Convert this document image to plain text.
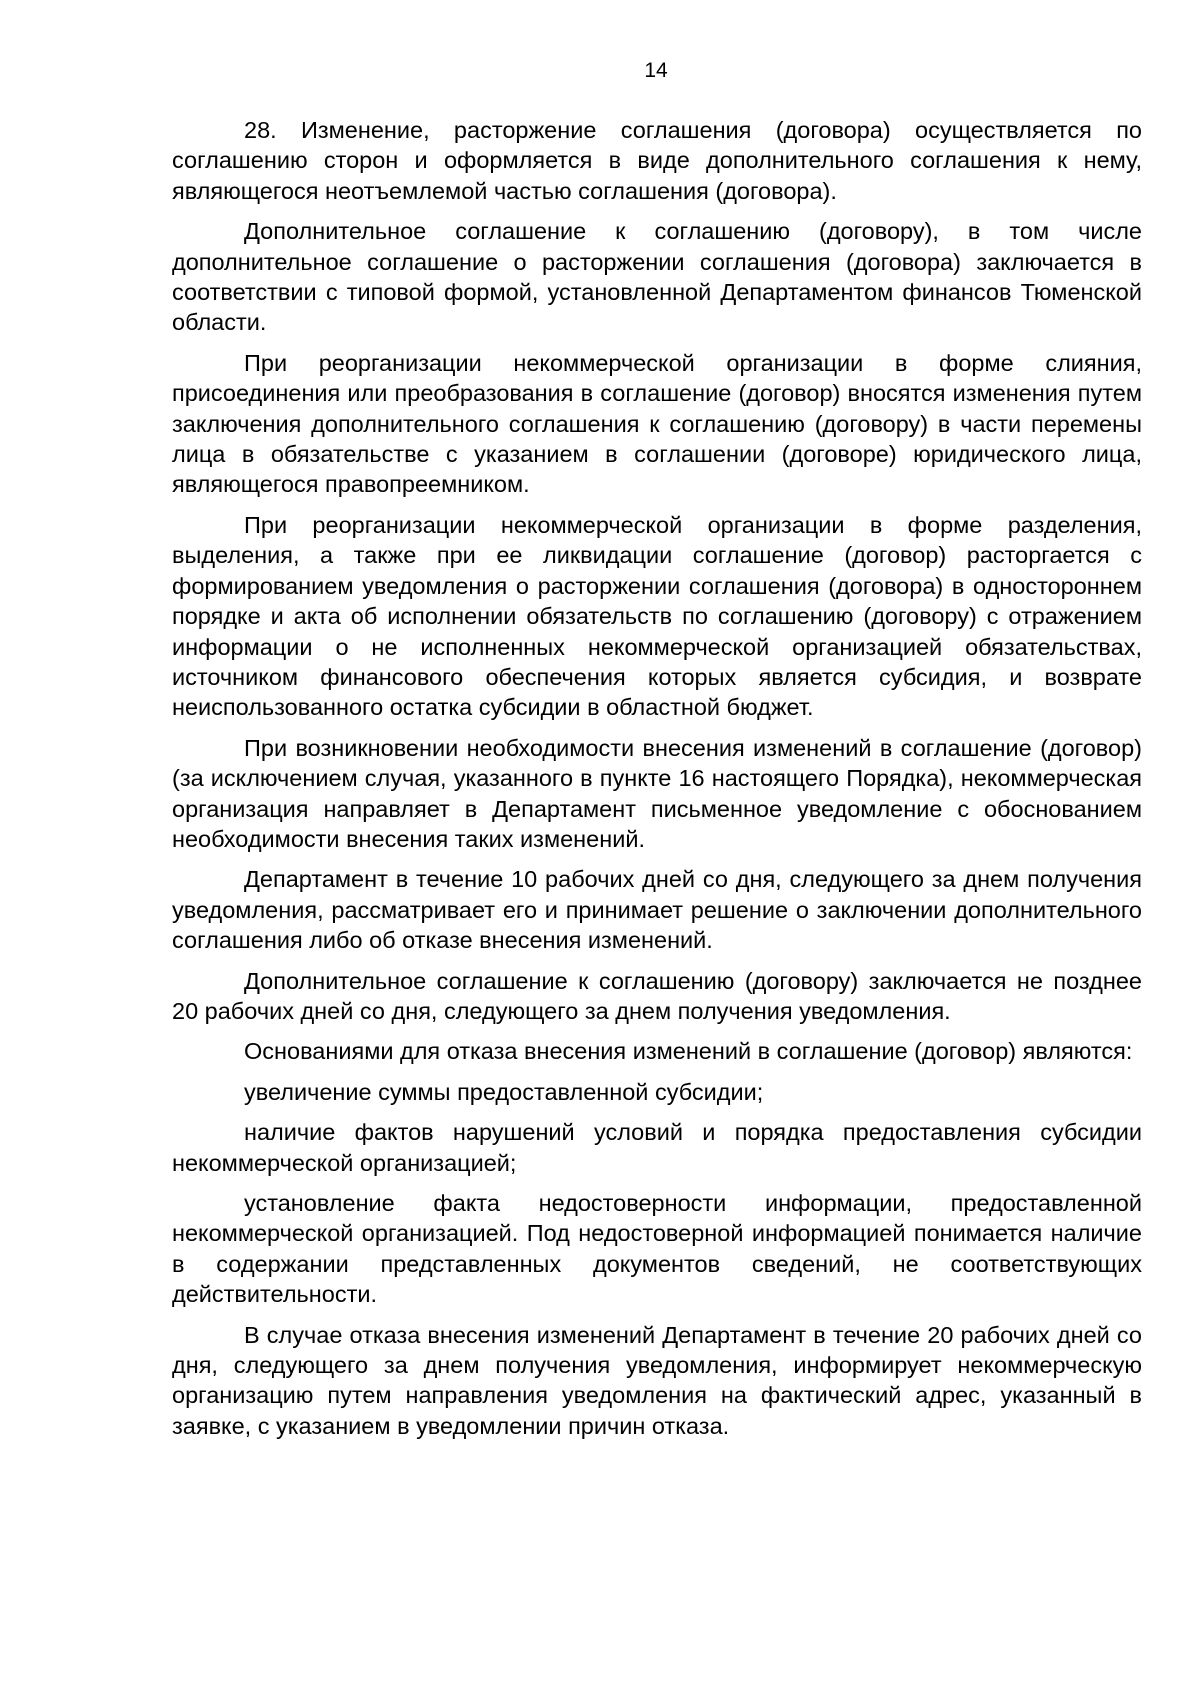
14

28. Изменение, расторжение соглашения (договора) осуществляется по соглашению сторон и оформляется в виде дополнительного соглашения к нему, являющегося неотъемлемой частью соглашения (договора).

Дополнительное соглашение к соглашению (договору), в том числе дополнительное соглашение о расторжении соглашения (договора) заключается в соответствии с типовой формой, установленной Департаментом финансов Тюменской области.

При реорганизации некоммерческой организации в форме слияния, присоединения или преобразования в соглашение (договор) вносятся изменения путем заключения дополнительного соглашения к соглашению (договору) в части перемены лица в обязательстве с указанием в соглашении (договоре) юридического лица, являющегося правопреемником.

При реорганизации некоммерческой организации в форме разделения, выделения, а также при ее ликвидации соглашение (договор) расторгается с формированием уведомления о расторжении соглашения (договора) в одностороннем порядке и акта об исполнении обязательств по соглашению (договору) с отражением информации о не исполненных некоммерческой организацией обязательствах, источником финансового обеспечения которых является субсидия, и возврате неиспользованного остатка субсидии в областной бюджет.

При возникновении необходимости внесения изменений в соглашение (договор) (за исключением случая, указанного в пункте 16 настоящего Порядка), некоммерческая организация направляет в Департамент письменное уведомление с обоснованием необходимости внесения таких изменений.

Департамент в течение 10 рабочих дней со дня, следующего за днем получения уведомления, рассматривает его и принимает решение о заключении дополнительного соглашения либо об отказе внесения изменений.

Дополнительное соглашение к соглашению (договору) заключается не позднее 20 рабочих дней со дня, следующего за днем получения уведомления.

Основаниями для отказа внесения изменений в соглашение (договор) являются:

увеличение суммы предоставленной субсидии;

наличие фактов нарушений условий и порядка предоставления субсидии некоммерческой организацией;

установление факта недостоверности информации, предоставленной некоммерческой организацией. Под недостоверной информацией понимается наличие в содержании представленных документов сведений, не соответствующих действительности.

В случае отказа внесения изменений Департамент в течение 20 рабочих дней со дня, следующего за днем получения уведомления, информирует некоммерческую организацию путем направления уведомления на фактический адрес, указанный в заявке, с указанием в уведомлении причин отказа.
